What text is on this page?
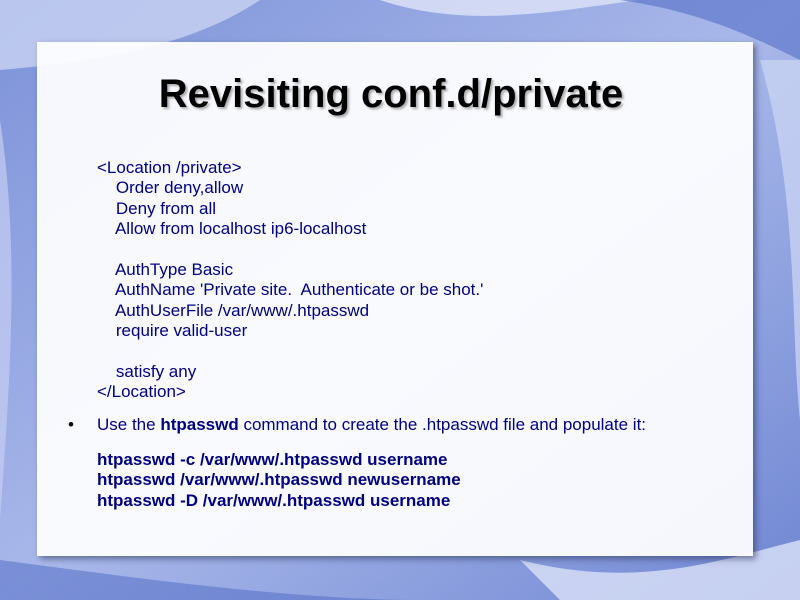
Revisiting conf.d/private
<Location /private>
Order deny,allow
Deny from all
Allow from localhost ip6-localhost
AuthType Basic
AuthName 'Private site.  Authenticate or be shot.'
AuthUserFile /var/www/.htpasswd
require valid-user
satisfy any
</Location>
• Use the htpasswd command to create the .htpasswd file and populate it:
htpasswd -c /var/www/.htpasswd username
htpasswd /var/www/.htpasswd newusername
htpasswd -D /var/www/.htpasswd username
